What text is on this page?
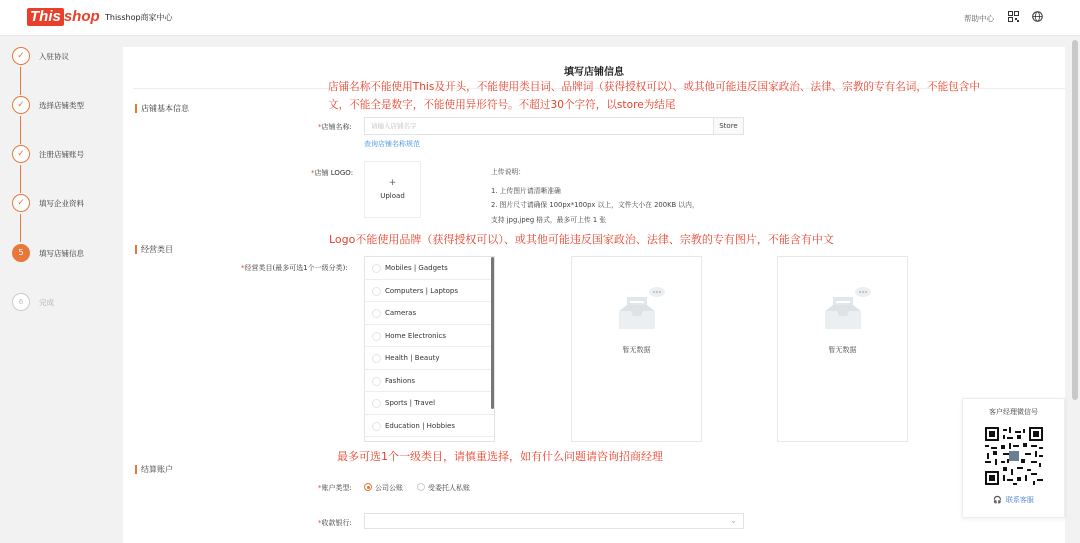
This shop Thisshop商家中心	帮助中心
✓	入驻协议
✓	选择店铺类型
✓	注册店铺账号
✓	填写企业资料
5	填写店铺信息
6	完成
填写店铺信息
店铺基本信息
*店铺名称:	请输入店铺名字	Store
查询店铺名称规范
*店铺 LOGO:
+
Upload
上传说明：
1. 上传图片请清晰准确
2. 图片尺寸请确保 100px*100px 以上，文件大小在 200KB 以内，
支持 jpg,jpeg 格式，最多可上传 1 张
经营类目
*经营类目(最多可选1个一级分类):	Mobiles | Gadgets
Computers | Laptops
Cameras
Home Electronics
Health | Beauty
Fashions
Sports | Travel
Education | Hobbies
暂无数据	暂无数据
结算账户
*账户类型:	公司公账	受委托人私账
*收款银行:	⌄
店铺名称不能使用This及开头，不能使用类目词、品牌词（获得授权可以）、或其他可能违反国家政治、法律、宗教的专有名词，不能包含中
文，不能全是数字，不能使用异形符号。不超过30个字符，以store为结尾
Logo不能使用品牌（获得授权可以）、或其他可能违反国家政治、法律、宗教的专有图片，不能含有中文
最多可选1个一级类目，请慎重选择，如有什么问题请咨询招商经理
客户经理微信号
🎧 联系客服
